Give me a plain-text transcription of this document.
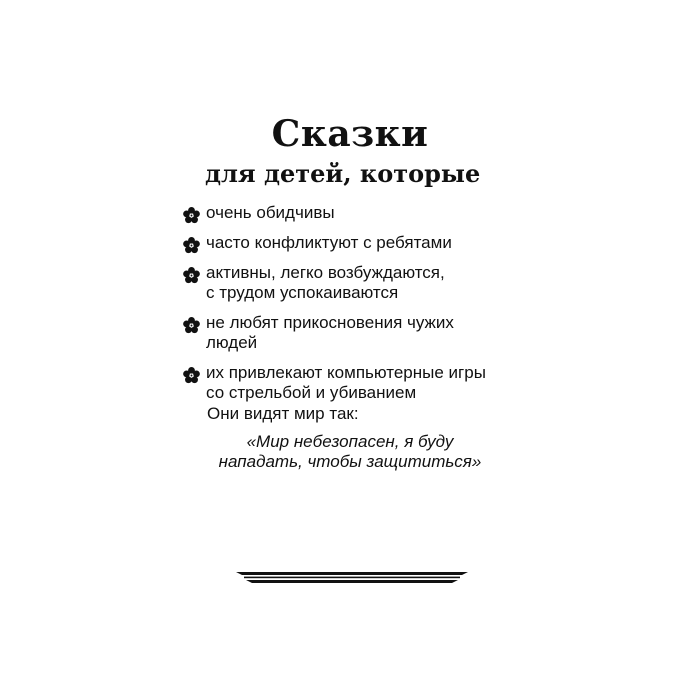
Сказки
для детей, которые
очень обидчивы
часто конфликтуют с ребятами
активны, легко возбуждаются,
с трудом успокаиваются
не любят прикосновения чужих
людей
их привлекают компьютерные игры
со стрельбой и убиванием
Они видят мир так:
«Мир небезопасен, я буду
нападать, чтобы защититься»
